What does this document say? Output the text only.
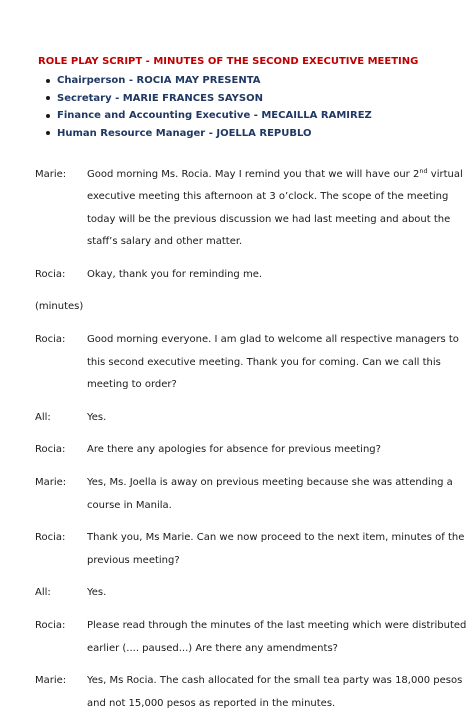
ROLE PLAY SCRIPT - MINUTES OF THE SECOND EXECUTIVE MEETING
Chairperson - ROCIA MAY PRESENTA
Secretary - MARIE FRANCES SAYSON
Finance and Accounting Executive - MECAILLA RAMIREZ
Human Resource Manager - JOELLA REPUBLO
Marie:	Good morning Ms. Rocia. May I remind you that we will have our 2nd virtual
executive meeting this afternoon at 3 o’clock. The scope of the meeting
today will be the previous discussion we had last meeting and about the
staff’s salary and other matter.
Rocia:	Okay, thank you for reminding me.
(minutes)
Rocia:	Good morning everyone. I am glad to welcome all respective managers to
this second executive meeting. Thank you for coming. Can we call this
meeting to order?
All:	Yes.
Rocia:	Are there any apologies for absence for previous meeting?
Marie:	Yes, Ms. Joella is away on previous meeting because she was attending a
course in Manila.
Rocia:	Thank you, Ms Marie. Can we now proceed to the next item, minutes of the
previous meeting?
All:	Yes.
Rocia:	Please read through the minutes of the last meeting which were distributed
earlier (.... paused...) Are there any amendments?
Marie:	Yes, Ms Rocia. The cash allocated for the small tea party was 18,000 pesos
and not 15,000 pesos as reported in the minutes.
